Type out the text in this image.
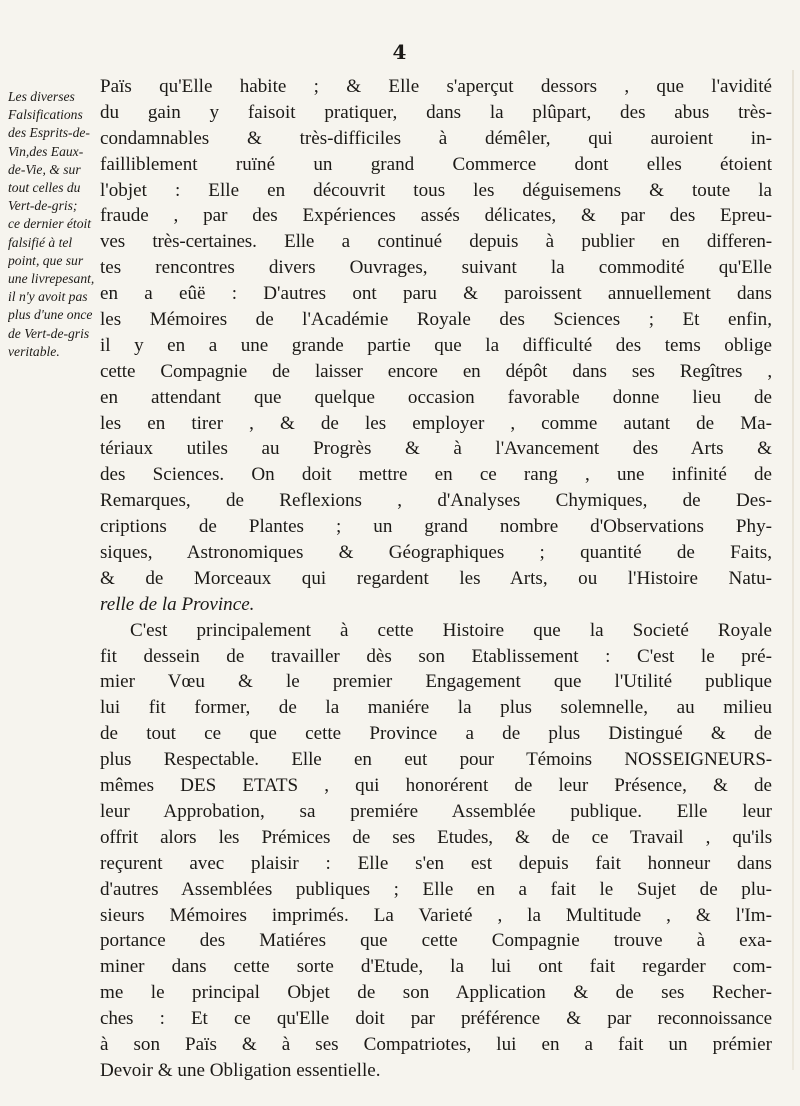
4
Les diverses
Falsifications
des Esprits-de-
Vin,des Eaux-
de-Vie, & sur
tout celles du
Vert-de-gris;
ce dernier étoit
falsifié à tel
point, que sur
une livrepesant,
il n'y avoit pas
plus d'une once
de Vert-de-gris
veritable.
Païs qu'Elle habite ; & Elle s'aperçut dessors , que l'avidité
du gain y faisoit pratiquer, dans la plûpart, des abus très-
condamnables & très-difficiles à démêler, qui auroient in-
failliblement ruïné un grand Commerce dont elles étoient
l'objet : Elle en découvrit tous les déguisemens & toute la
fraude , par des Expériences assés délicates, & par des Epreu-
ves très-certaines. Elle a continué depuis à publier en differen-
tes rencontres divers Ouvrages, suivant la commodité qu'Elle
en a eûë : D'autres ont paru & paroissent annuellement dans
les Mémoires de l'Académie Royale des Sciences ; Et enfin,
il y en a une grande partie que la difficulté des tems oblige
cette Compagnie de laisser encore en dépôt dans ses Regîtres ,
en attendant que quelque occasion favorable donne lieu de
les en tirer , & de les employer , comme autant de Ma-
tériaux utiles au Progrès & à l'Avancement des Arts &
des Sciences. On doit mettre en ce rang , une infinité de
Remarques, de Reflexions , d'Analyses Chymiques, de Des-
criptions de Plantes ; un grand nombre d'Observations Phy-
siques, Astronomiques & Géographiques ; quantité de Faits,
& de Morceaux qui regardent les Arts, ou l'Histoire Natu-
relle de la Province.
C'est principalement à cette Histoire que la Societé Royale
fit dessein de travailler dès son Etablissement : C'est le pré-
mier Vœu & le premier Engagement que l'Utilité publique
lui fit former, de la maniére la plus solemnelle, au milieu
de tout ce que cette Province a de plus Distingué & de
plus Respectable. Elle en eut pour Témoins NOSSEIGNEURS-
mêmes DES ETATS , qui honorérent de leur Présence, & de
leur Approbation, sa premiére Assemblée publique. Elle leur
offrit alors les Prémices de ses Etudes, & de ce Travail , qu'ils
reçurent avec plaisir : Elle s'en est depuis fait honneur dans
d'autres Assemblées publiques ; Elle en a fait le Sujet de plu-
sieurs Mémoires imprimés. La Varieté , la Multitude , & l'Im-
portance des Matiéres que cette Compagnie trouve à exa-
miner dans cette sorte d'Etude, la lui ont fait regarder com-
me le principal Objet de son Application & de ses Recher-
ches : Et ce qu'Elle doit par préférence & par reconnoissance
à son Païs & à ses Compatriotes, lui en a fait un prémier
Devoir & une Obligation essentielle.
